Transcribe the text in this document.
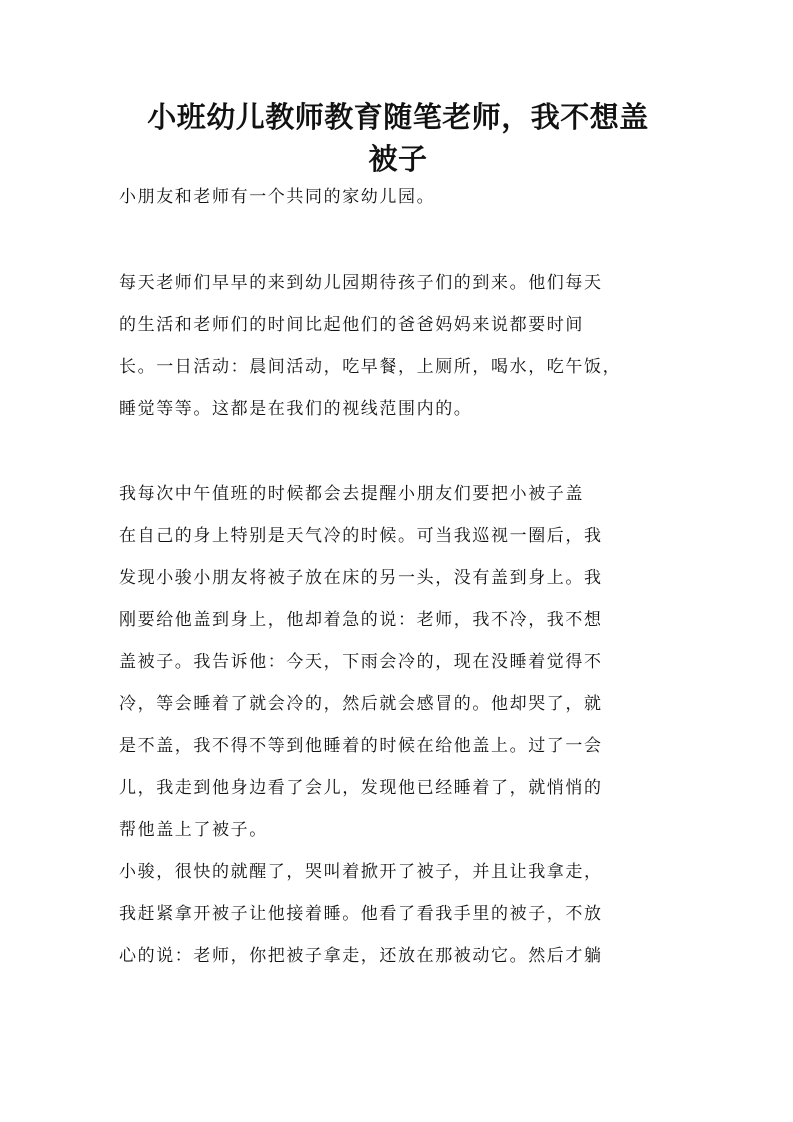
小班幼儿教师教育随笔老师，我不想盖
被子

小朋友和老师有一个共同的家幼儿园。

每天老师们早早的来到幼儿园期待孩子们的到来。他们每天
的生活和老师们的时间比起他们的爸爸妈妈来说都要时间
长。一日活动：晨间活动，吃早餐，上厕所，喝水，吃午饭，
睡觉等等。这都是在我们的视线范围内的。

我每次中午值班的时候都会去提醒小朋友们要把小被子盖
在自己的身上特别是天气冷的时候。可当我巡视一圈后，我
发现小骏小朋友将被子放在床的另一头，没有盖到身上。我
刚要给他盖到身上，他却着急的说：老师，我不冷，我不想
盖被子。我告诉他：今天，下雨会冷的，现在没睡着觉得不
冷，等会睡着了就会冷的，然后就会感冒的。他却哭了，就
是不盖，我不得不等到他睡着的时候在给他盖上。过了一会
儿，我走到他身边看了会儿，发现他已经睡着了，就悄悄的
帮他盖上了被子。

小骏，很快的就醒了，哭叫着掀开了被子，并且让我拿走，
我赶紧拿开被子让他接着睡。他看了看我手里的被子，不放
心的说：老师，你把被子拿走，还放在那被动它。然后才躺
